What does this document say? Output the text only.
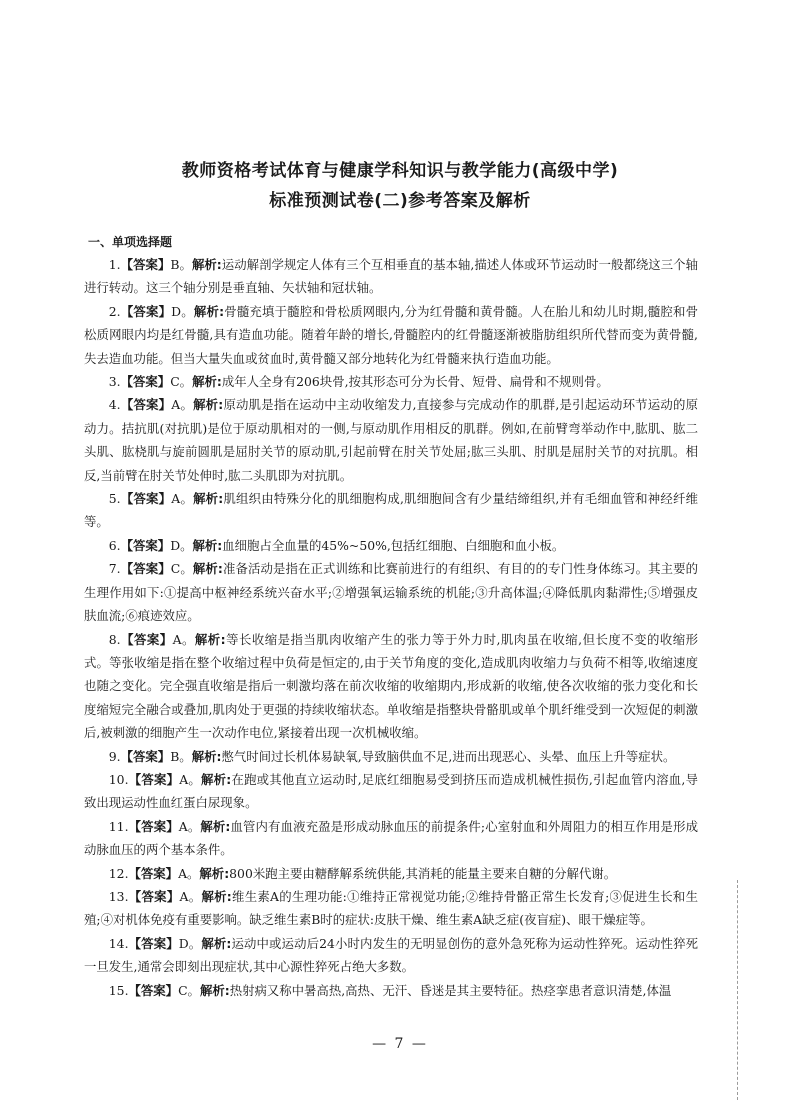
教师资格考试体育与健康学科知识与教学能力(高级中学)
标准预测试卷(二)参考答案及解析
一、单项选择题

1.【答案】B。解析:运动解剖学规定人体有三个互相垂直的基本轴,描述人体或环节运动时一般都绕这三个轴进行转动。这三个轴分别是垂直轴、矢状轴和冠状轴。

2.【答案】D。解析:骨髓充填于髓腔和骨松质网眼内,分为红骨髓和黄骨髓。人在胎儿和幼儿时期,髓腔和骨松质网眼内均是红骨髓,具有造血功能。随着年龄的增长,骨髓腔内的红骨髓逐渐被脂肪组织所代替而变为黄骨髓,失去造血功能。但当大量失血或贫血时,黄骨髓又部分地转化为红骨髓来执行造血功能。

3.【答案】C。解析:成年人全身有206块骨,按其形态可分为长骨、短骨、扁骨和不规则骨。

4.【答案】A。解析:原动肌是指在运动中主动收缩发力,直接参与完成动作的肌群,是引起运动环节运动的原动力。拮抗肌(对抗肌)是位于原动肌相对的一侧,与原动肌作用相反的肌群。例如,在前臂弯举动作中,肱肌、肱二头肌、肱桡肌与旋前圆肌是屈肘关节的原动肌,引起前臂在肘关节处屈;肱三头肌、肘肌是屈肘关节的对抗肌。相反,当前臂在肘关节处伸时,肱二头肌即为对抗肌。

5.【答案】A。解析:肌组织由特殊分化的肌细胞构成,肌细胞间含有少量结缔组织,并有毛细血管和神经纤维等。

6.【答案】D。解析:血细胞占全血量的45%~50%,包括红细胞、白细胞和血小板。

7.【答案】C。解析:准备活动是指在正式训练和比赛前进行的有组织、有目的的专门性身体练习。其主要的生理作用如下:①提高中枢神经系统兴奋水平;②增强氧运输系统的机能;③升高体温;④降低肌肉黏滞性;⑤增强皮肤血流;⑥痕迹效应。

8.【答案】A。解析:等长收缩是指当肌肉收缩产生的张力等于外力时,肌肉虽在收缩,但长度不变的收缩形式。等张收缩是指在整个收缩过程中负荷是恒定的,由于关节角度的变化,造成肌肉收缩力与负荷不相等,收缩速度也随之变化。完全强直收缩是指后一刺激均落在前次收缩的收缩期内,形成新的收缩,使各次收缩的张力变化和长度缩短完全融合或叠加,肌肉处于更强的持续收缩状态。单收缩是指整块骨骼肌或单个肌纤维受到一次短促的刺激后,被刺激的细胞产生一次动作电位,紧接着出现一次机械收缩。

9.【答案】B。解析:憋气时间过长机体易缺氧,导致脑供血不足,进而出现恶心、头晕、血压上升等症状。

10.【答案】A。解析:在跑或其他直立运动时,足底红细胞易受到挤压而造成机械性损伤,引起血管内溶血,导致出现运动性血红蛋白尿现象。

11.【答案】A。解析:血管内有血液充盈是形成动脉血压的前提条件;心室射血和外周阻力的相互作用是形成动脉血压的两个基本条件。

12.【答案】A。解析:800米跑主要由糖酵解系统供能,其消耗的能量主要来自糖的分解代谢。

13.【答案】A。解析:维生素A的生理功能:①维持正常视觉功能;②维持骨骼正常生长发育;③促进生长和生殖;④对机体免疫有重要影响。缺乏维生素B时的症状:皮肤干燥、维生素A缺乏症(夜盲症)、眼干燥症等。

14.【答案】D。解析:运动中或运动后24小时内发生的无明显创伤的意外急死称为运动性猝死。运动性猝死一旦发生,通常会即刻出现症状,其中心源性猝死占绝大多数。

15.【答案】C。解析:热射病又称中暑高热,高热、无汗、昏迷是其主要特征。热痉挛患者意识清楚,体温

— 7 —
